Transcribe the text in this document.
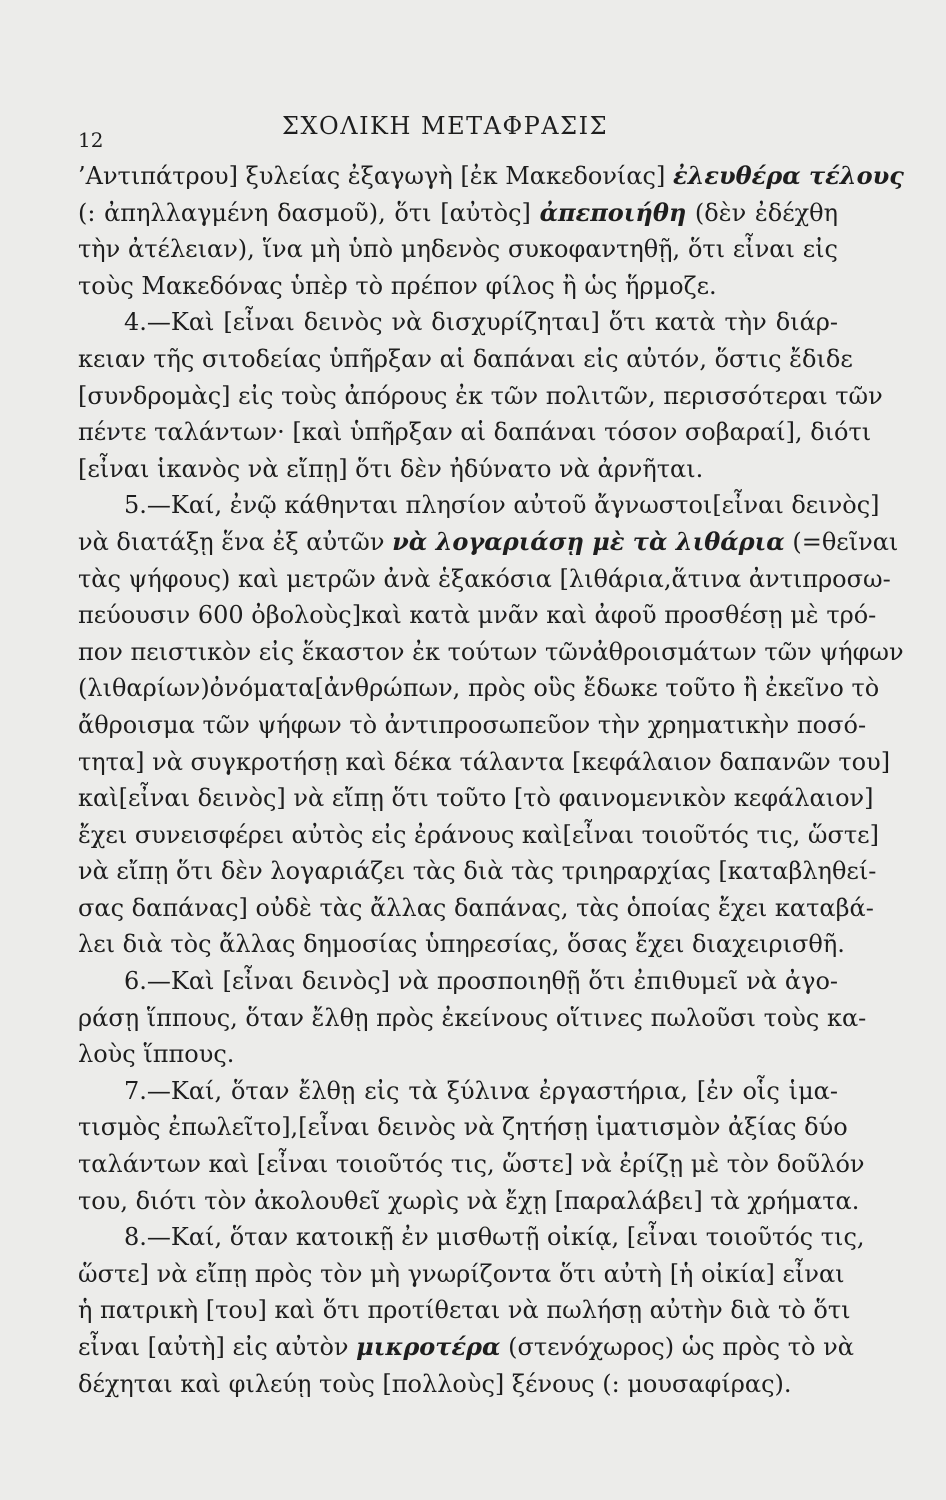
12	ΣΧΟΛΙΚΗ ΜΕΤΑΦΡΑΣΙΣ
’Αντιπάτρου] ξυλείας ἐξαγωγὴ [ἐκ Μακεδονίας] ἐλευθέρα τέλους
(: ἀπηλλαγμένη δασμοῦ), ὅτι [αὐτὸς] ἀπεποιήθη (δὲν ἐδέχθη
τὴν ἀτέλειαν), ἵνα μὴ ὑπὸ μηδενὸς συκοφαντηθῇ, ὅτι εἶναι εἰς
τοὺς Μακεδόνας ὑπὲρ τὸ πρέπον φίλος ἢ ὡς ἥρμοζε.
4.—Καὶ [εἶναι δεινὸς νὰ δισχυρίζηται] ὅτι κατὰ τὴν διάρ-
κειαν τῆς σιτοδείας ὑπῆρξαν αἱ δαπάναι εἰς αὐτόν, ὅστις ἔδιδε
[συνδρομὰς] εἰς τοὺς ἀπόρους ἐκ τῶν πολιτῶν, περισσότεραι τῶν
πέντε ταλάντων· [καὶ ὑπῆρξαν αἱ δαπάναι τόσον σοβαραί], διότι
[εἶναι ἱκανὸς νὰ εἴπῃ] ὅτι δὲν ἠδύνατο νὰ ἀρνῆται.
5.—Καί, ἐνῷ κάθηνται πλησίον αὐτοῦ ἄγνωστοι[εἶναι δεινὸς]
νὰ διατάξῃ ἕνα ἐξ αὐτῶν νὰ λογαριάσῃ μὲ τὰ λιθάρια (=θεῖναι
τὰς ψήφους) καὶ μετρῶν ἀνὰ ἑξακόσια [λιθάρια,ἅτινα ἀντιπροσω-
πεύουσιν 600 ὀβολοὺς]καὶ κατὰ μνᾶν καὶ ἀφοῦ προσθέσῃ μὲ τρό-
πον πειστικὸν εἰς ἕκαστον ἐκ τούτων τῶνἀθροισμάτων τῶν ψήφων
(λιθαρίων)ὀνόματα[ἀνθρώπων, πρὸς οὓς ἔδωκε τοῦτο ἢ ἐκεῖνο τὸ
ἄθροισμα τῶν ψήφων τὸ ἀντιπροσωπεῦον τὴν χρηματικὴν ποσό-
τητα] νὰ συγκροτήσῃ καὶ δέκα τάλαντα [κεφάλαιον δαπανῶν του]
καὶ[εἶναι δεινὸς] νὰ εἴπῃ ὅτι τοῦτο [τὸ φαινομενικὸν κεφάλαιον]
ἔχει συνεισφέρει αὐτὸς εἰς ἐράνους καὶ[εἶναι τοιοῦτός τις, ὥστε]
νὰ εἴπῃ ὅτι δὲν λογαριάζει τὰς διὰ τὰς τριηραρχίας [καταβληθεί-
σας δαπάνας] οὐδὲ τὰς ἄλλας δαπάνας, τὰς ὁποίας ἔχει καταβά-
λει διὰ τὸς ἄλλας δημοσίας ὑπηρεσίας, ὅσας ἔχει διαχειρισθῆ.
6.—Καὶ [εἶναι δεινὸς] νὰ προσποιηθῇ ὅτι ἐπιθυμεῖ νὰ ἀγο-
ράσῃ ἵππους, ὅταν ἔλθῃ πρὸς ἐκείνους οἵτινες πωλοῦσι τοὺς κα-
λοὺς ἵππους.
7.—Καί, ὅταν ἔλθῃ εἰς τὰ ξύλινα ἐργαστήρια, [ἐν οἷς ἱμα-
τισμὸς ἐπωλεῖτο],[εἶναι δεινὸς νὰ ζητήσῃ ἱματισμὸν ἀξίας δύο
ταλάντων καὶ [εἶναι τοιοῦτός τις, ὥστε] νὰ ἐρίζῃ μὲ τὸν δοῦλόν
του, διότι τὸν ἀκολουθεῖ χωρὶς νὰ ἔχῃ [παραλάβει] τὰ χρήματα.
8.—Καί, ὅταν κατοικῇ ἐν μισθωτῇ οἰκίᾳ, [εἶναι τοιοῦτός τις,
ὥστε] νὰ εἴπῃ πρὸς τὸν μὴ γνωρίζοντα ὅτι αὐτὴ [ἡ οἰκία] εἶναι
ἡ πατρικὴ [του] καὶ ὅτι προτίθεται νὰ πωλήσῃ αὐτὴν διὰ τὸ ὅτι
εἶναι [αὐτὴ] εἰς αὐτὸν μικροτέρα (στενόχωρος) ὡς πρὸς τὸ νὰ
δέχηται καὶ φιλεύῃ τοὺς [πολλοὺς] ξένους (: μουσαφίρας).
